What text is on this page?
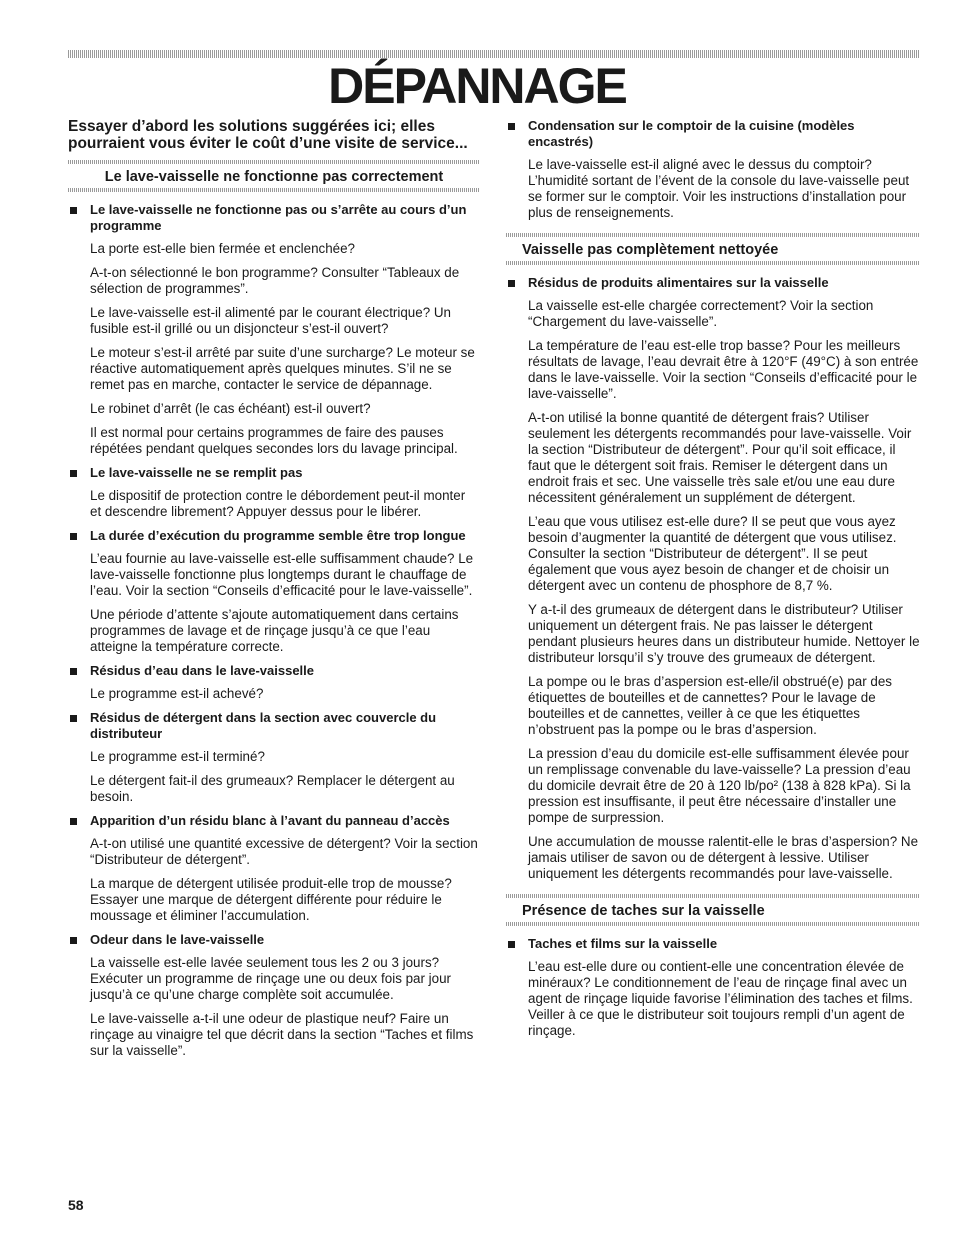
DÉPANNAGE

Essayer d’abord les solutions suggérées ici; elles pourraient vous éviter le coût d’une visite de service...

Le lave-vaisselle ne fonctionne pas correctement
Le lave-vaisselle ne fonctionne pas ou s’arrête au cours d’un programme

La porte est-elle bien fermée et enclenchée?

A-t-on sélectionné le bon programme? Consulter “Tableaux de sélection de programmes”.

Le lave-vaisselle est-il alimenté par le courant électrique? Un fusible est-il grillé ou un disjoncteur s’est-il ouvert?

Le moteur s’est-il arrêté par suite d’une surcharge? Le moteur se réactive automatiquement après quelques minutes. S’il ne se remet pas en marche, contacter le service de dépannage.

Le robinet d’arrêt (le cas échéant) est-il ouvert?

Il est normal pour certains programmes de faire des pauses répétées pendant quelques secondes lors du lavage principal.

Le lave-vaisselle ne se remplit pas

Le dispositif de protection contre le débordement peut-il monter et descendre librement? Appuyer dessus pour le libérer.

La durée d’exécution du programme semble être trop longue

L’eau fournie au lave-vaisselle est-elle suffisamment chaude? Le lave-vaisselle fonctionne plus longtemps durant le chauffage de l’eau. Voir la section “Conseils d’efficacité pour le lave-vaisselle”.

Une période d’attente s’ajoute automatiquement dans certains programmes de lavage et de rinçage jusqu’à ce que l’eau atteigne la température correcte.

Résidus d’eau dans le lave-vaisselle

Le programme est-il achevé?

Résidus de détergent dans la section avec couvercle du distributeur

Le programme est-il terminé?

Le détergent fait-il des grumeaux? Remplacer le détergent au besoin.

Apparition d’un résidu blanc à l’avant du panneau d’accès

A-t-on utilisé une quantité excessive de détergent? Voir la section “Distributeur de détergent”.

La marque de détergent utilisée produit-elle trop de mousse? Essayer une marque de détergent différente pour réduire le moussage et éliminer l’accumulation.

Odeur dans le lave-vaisselle

La vaisselle est-elle lavée seulement tous les 2 ou 3 jours? Exécuter un programme de rinçage une ou deux fois par jour jusqu’à ce qu’une charge complète soit accumulée.

Le lave-vaisselle a-t-il une odeur de plastique neuf? Faire un rinçage au vinaigre tel que décrit dans la section “Taches et films sur la vaisselle”.

Condensation sur le comptoir de la cuisine (modèles encastrés)

Le lave-vaisselle est-il aligné avec le dessus du comptoir? L’humidité sortant de l’évent de la console du lave-vaisselle peut se former sur le comptoir. Voir les instructions d’installation pour plus de renseignements.

Vaisselle pas complètement nettoyée
Résidus de produits alimentaires sur la vaisselle

La vaisselle est-elle chargée correctement? Voir la section “Chargement du lave-vaisselle”.

La température de l’eau est-elle trop basse? Pour les meilleurs résultats de lavage, l’eau devrait être à 120°F (49°C) à son entrée dans le lave-vaisselle. Voir la section “Conseils d’efficacité pour le lave-vaisselle”.

A-t-on utilisé la bonne quantité de détergent frais? Utiliser seulement les détergents recommandés pour lave-vaisselle. Voir la section “Distributeur de détergent”. Pour qu’il soit efficace, il faut que le détergent soit frais. Remiser le détergent dans un endroit frais et sec. Une vaisselle très sale et/ou une eau dure nécessitent généralement un supplément de détergent.

L’eau que vous utilisez est-elle dure? Il se peut que vous ayez besoin d’augmenter la quantité de détergent que vous utilisez. Consulter la section “Distributeur de détergent”. Il se peut également que vous ayez besoin de changer et de choisir un détergent avec un contenu de phosphore de 8,7 %.

Y a-t-il des grumeaux de détergent dans le distributeur? Utiliser uniquement un détergent frais. Ne pas laisser le détergent pendant plusieurs heures dans un distributeur humide. Nettoyer le distributeur lorsqu’il s’y trouve des grumeaux de détergent.

La pompe ou le bras d’aspersion est-elle/il obstrué(e) par des étiquettes de bouteilles et de cannettes? Pour le lavage de bouteilles et de cannettes, veiller à ce que les étiquettes n’obstruent pas la pompe ou le bras d’aspersion.

La pression d’eau du domicile est-elle suffisamment élevée pour un remplissage convenable du lave-vaisselle? La pression d’eau du domicile devrait être de 20 à 120 lb/po² (138 à 828 kPa). Si la pression est insuffisante, il peut être nécessaire d’installer une pompe de surpression.

Une accumulation de mousse ralentit-elle le bras d’aspersion? Ne jamais utiliser de savon ou de détergent à lessive. Utiliser uniquement les détergents recommandés pour lave-vaisselle.

Présence de taches sur la vaisselle
Taches et films sur la vaisselle

L’eau est-elle dure ou contient-elle une concentration élevée de minéraux? Le conditionnement de l’eau de rinçage final avec un agent de rinçage liquide favorise l’élimination des taches et films. Veiller à ce que le distributeur soit toujours rempli d’un agent de rinçage.

58
